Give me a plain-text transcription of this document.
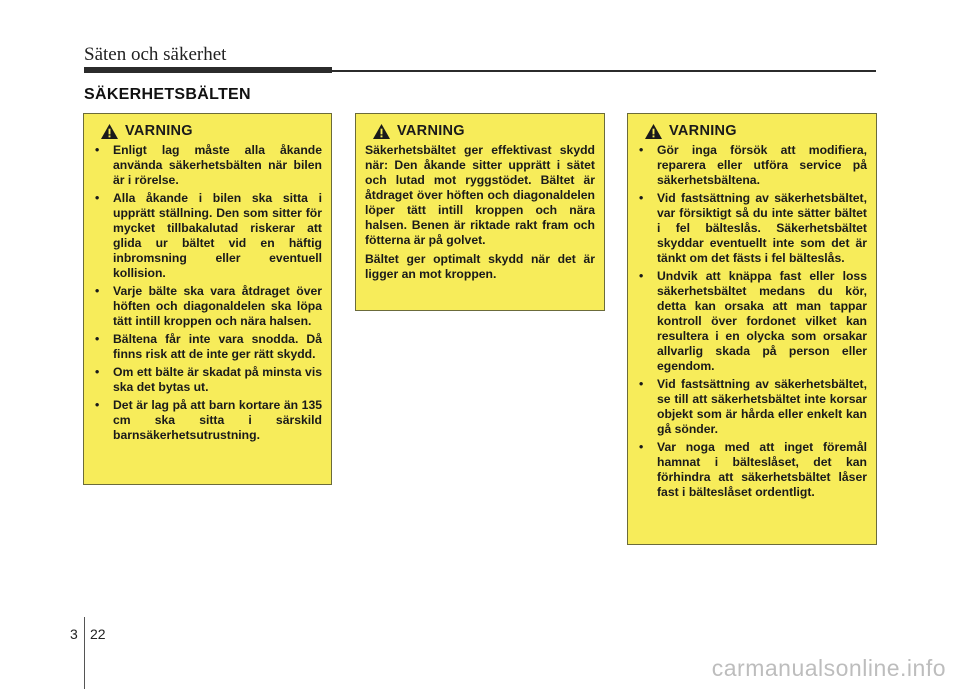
Säten och säkerhet
SÄKERHETSBÄLTEN
VARNING
• Enligt lag måste alla åkande använda säkerhetsbälten när bilen är i rörelse.
• Alla åkande i bilen ska sitta i upprätt ställning. Den som sitter för mycket tillbakalutad riskerar att glida ur bältet vid en häftig inbromsning eller eventuell kollision.
• Varje bälte ska vara åtdraget över höften och diagonaldelen ska löpa tätt intill kroppen och nära halsen.
• Bältena får inte vara snodda. Då finns risk att de inte ger rätt skydd.
• Om ett bälte är skadat på minsta vis ska det bytas ut.
• Det är lag på att barn kortare än 135 cm ska sitta i särskild barnsäkerhetsutrustning.
VARNING

Säkerhetsbältet ger effektivast skydd när: Den åkande sitter upprätt i sätet och lutad mot ryggstödet. Bältet är åtdraget över höften och diagonaldelen löper tätt intill kroppen och nära halsen. Benen är riktade rakt fram och fötterna är på golvet.

Bältet ger optimalt skydd när det är ligger an mot kroppen.

VARNING
• Gör inga försök att modifiera, reparera eller utföra service på säkerhetsbältena.
• Vid fastsättning av säkerhetsbältet, var försiktigt så du inte sätter bältet i fel bälteslås. Säkerhetsbältet skyddar eventuellt inte som det är tänkt om det fästs i fel bälteslås.
• Undvik att knäppa fast eller loss säkerhetsbältet medans du kör, detta kan orsaka att man tappar kontroll över fordonet vilket kan resultera i en olycka som orsakar allvarlig skada på person eller egendom.
• Vid fastsättning av säkerhetsbältet, se till att säkerhetsbältet inte korsar objekt som är hårda eller enkelt kan gå sönder.
• Var noga med att inget föremål hamnat i bälteslåset, det kan förhindra att säkerhetsbältet låser fast i bälteslåset ordentligt.
3 22
carmanualsonline.info
